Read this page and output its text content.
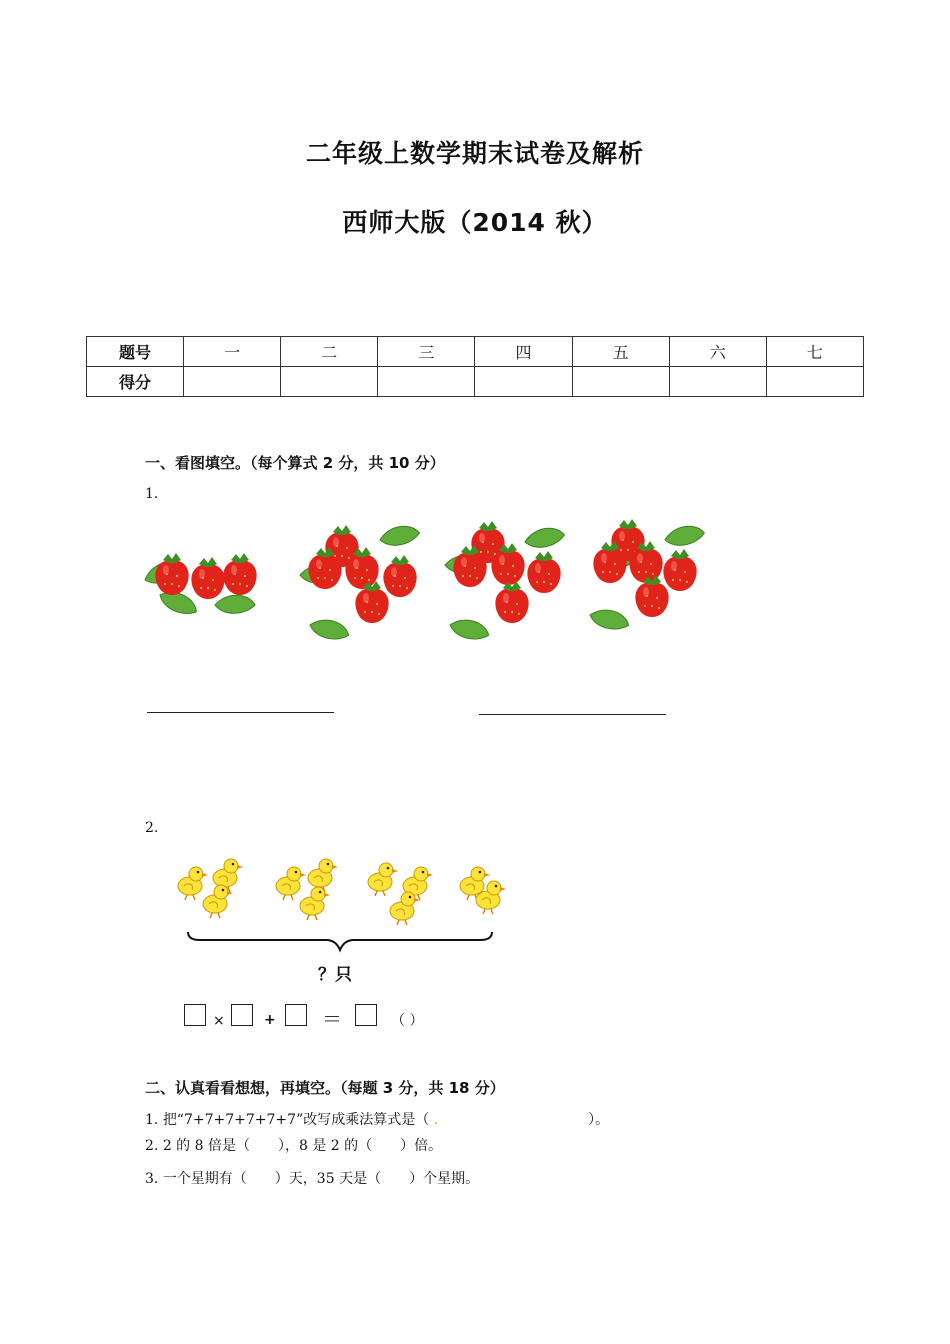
二年级上数学期末试卷及解析
西师大版（2014 秋）
题号	一	二	三	四	五	六	七
得分							
一、看图填空。（每个算式 2 分，共 10 分）
1.
2.
？只
×	+ ＝	（ ）
二、认真看看想想，再填空。（每题 3 分，共 18 分）
1. 把“7+7+7+7+7+7”改写成乘法算式是（ .	）。
2. 2 的 8 倍是（　　），8 是 2 的（　　）倍。
3. 一个星期有（　　）天，35 天是（　　）个星期。
